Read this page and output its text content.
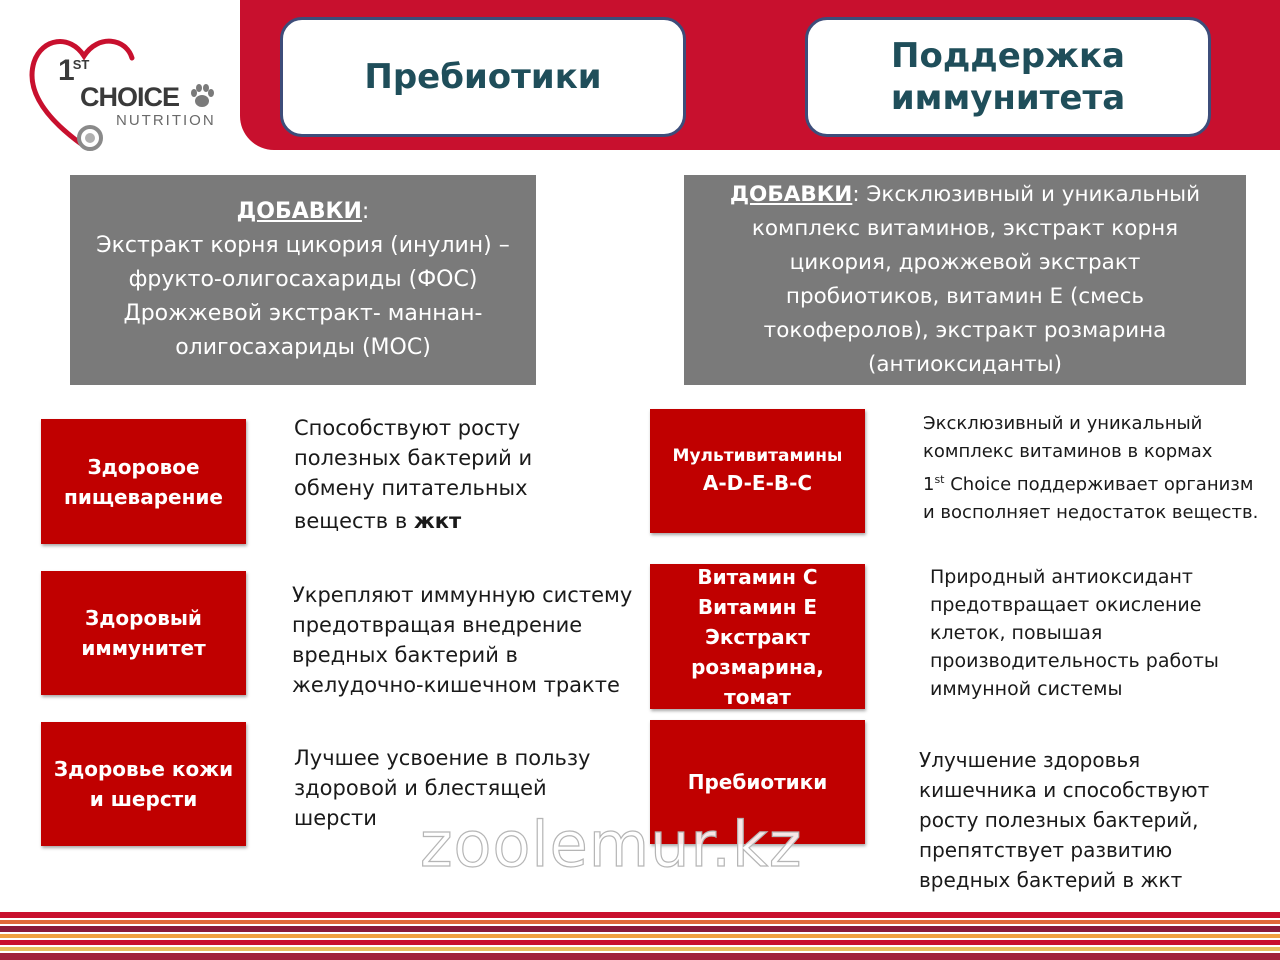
1ST
CHOICE
NUTRITION
Пребиотики
Поддержка
иммунитета
ДОБАВКИ:
Экстракт корня цикория (инулин) –
фрукто-олигосахариды (ФОС)
Дрожжевой экстракт- маннан-
олигосахариды (МОС)
ДОБАВКИ: Эксклюзивный и уникальный
комплекс витаминов, экстракт корня
цикория, дрожжевой экстракт
пробиотиков, витамин Е (смесь
токоферолов), экстракт розмарина
(антиоксиданты)
Здоровое
пищеварение
Здоровый
иммунитет
Здоровье кожи
и шерсти
Способствуют росту
полезных бактерий и
обмену питательных
веществ в жкт
Укрепляют иммунную систему
предотвращая внедрение
вредных бактерий в
желудочно-кишечном тракте
Лучшее усвоение в пользу
здоровой и блестящей
шерсти
Мультивитамины
A-D-E-B-C
Витамин С
Витамин Е
Экстракт
розмарина,
томат
Пребиотики
Эксклюзивный и уникальный
комплекс витаминов в кормах
1st Choice поддерживает организм
и восполняет недостаток веществ.
Природный антиоксидант
предотвращает окисление
клеток, повышая
производительность работы
иммунной системы
Улучшение здоровья
кишечника и способствуют
росту полезных бактерий,
препятствует развитию
вредных бактерий в жкт
zoolemur.kz
